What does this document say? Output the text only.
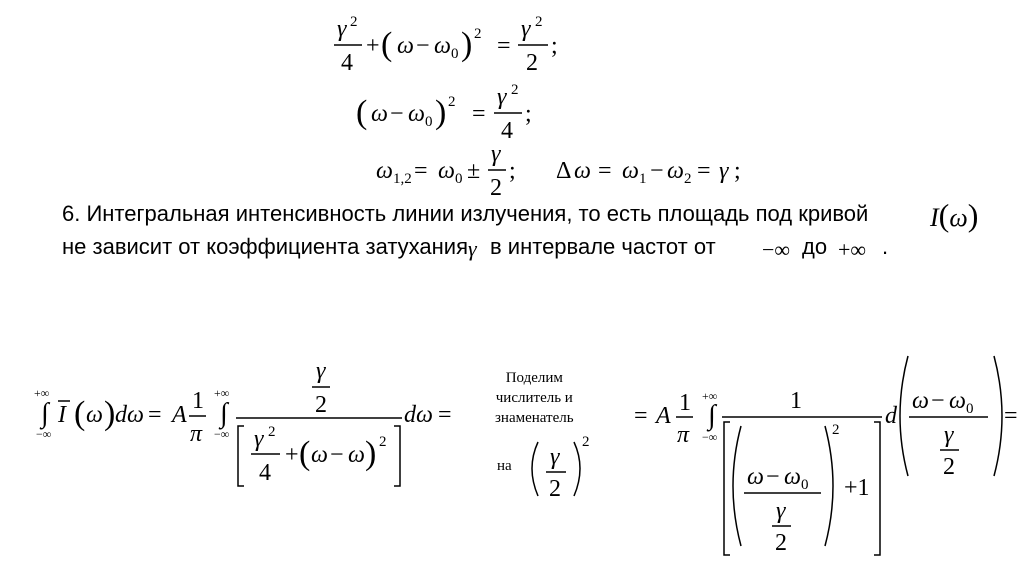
γ 2
4
+ ( ω − ω 0 ) 2 =
γ 2
2
;
( ω − ω 0 ) 2 =
γ 2
4
;
ω 1,2 = ω 0 ±
γ
2
; Δ ω = ω 1 − ω 2 = γ ;
6. Интегральная интенсивность линии излучения, то есть площадь под кривой I(ω)
не зависит от коэффициента затухания γ в интервале частот от −∞ до +∞ .
+∞
∫
−∞
I ( ω ) dω = A
1
π
+∞
∫
−∞
γ
2
γ 2
4
+ ( ω − ω ) 2
dω =
Поделим
числитель и
знаменатель
на γ
2
2
= A 1
π
+∞
∫
−∞
1
2
ω − ω 0
γ
2
+1
d
ω − ω 0
γ
2
=
